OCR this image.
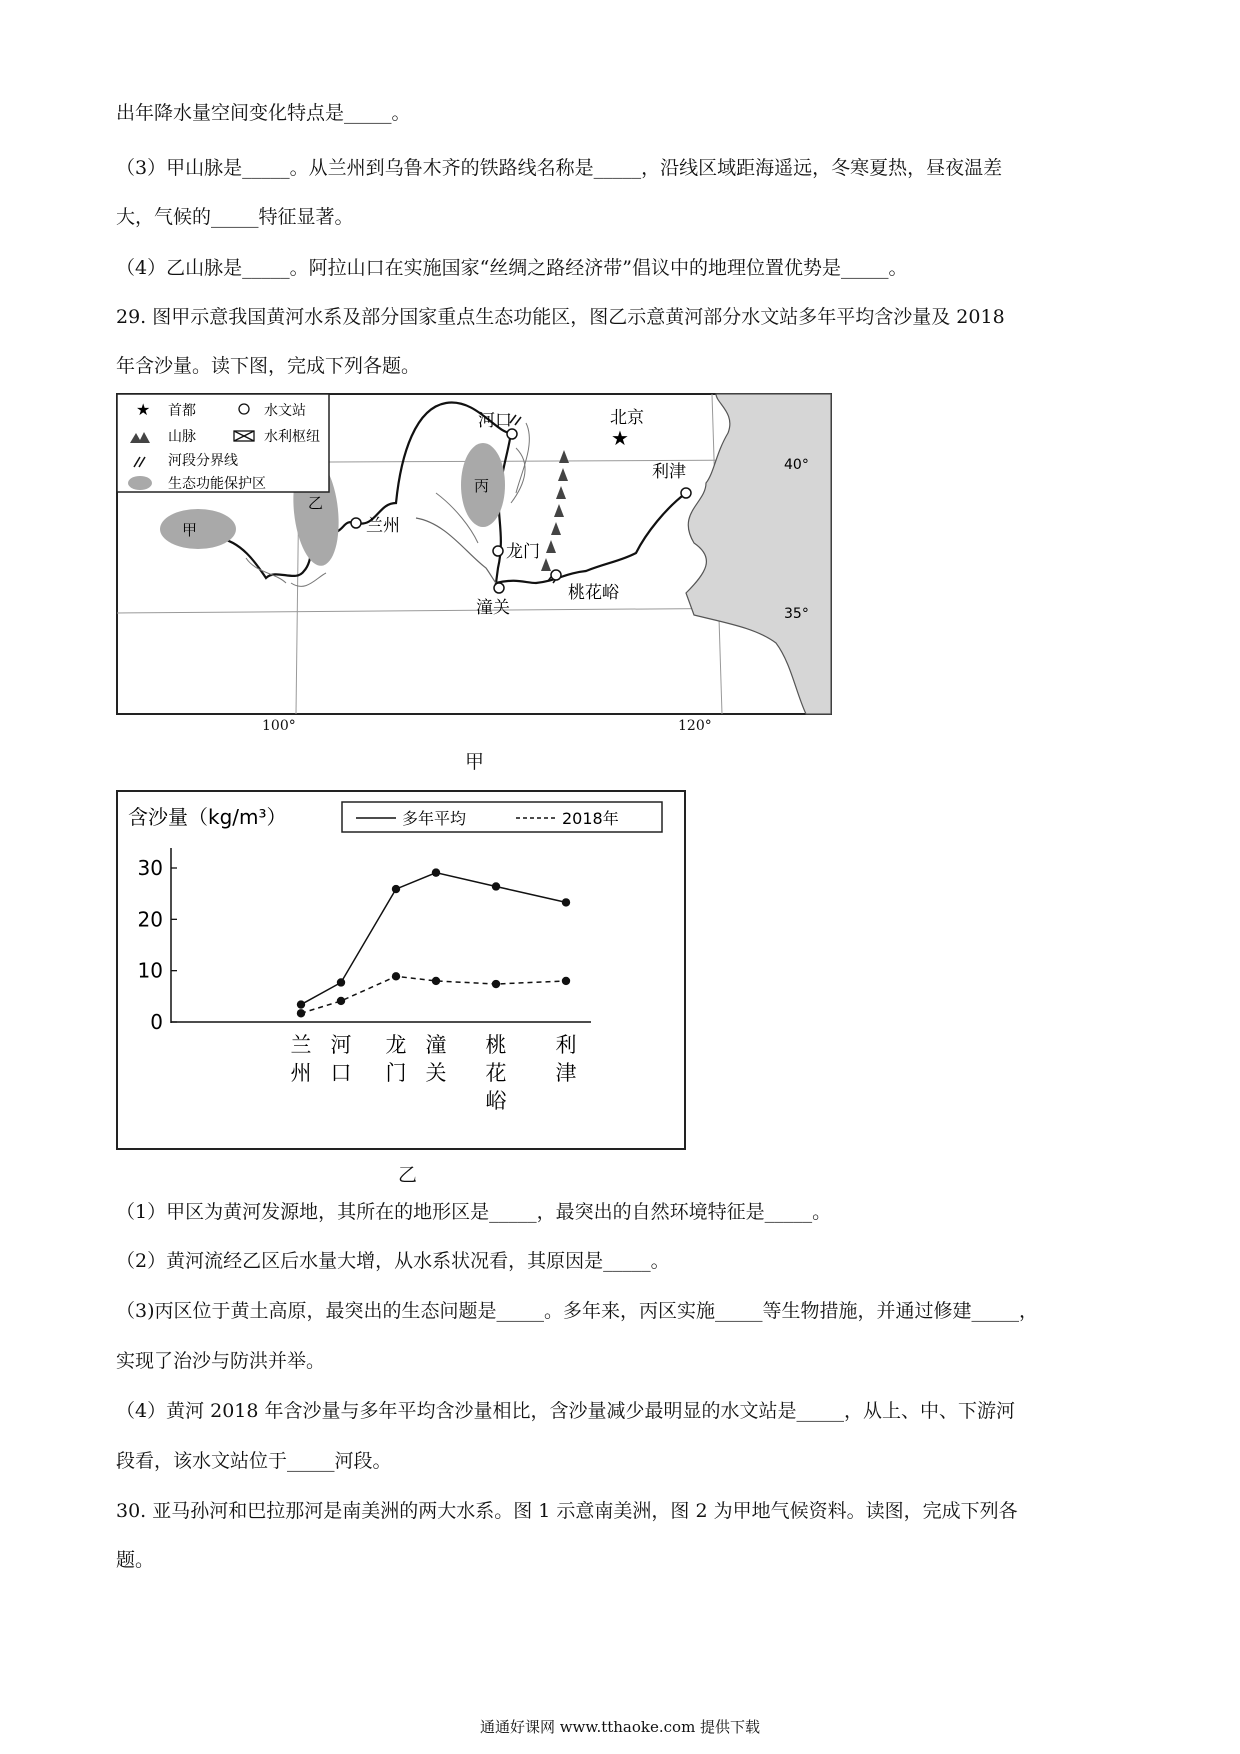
出年降水量空间变化特点是_____。
（3）甲山脉是_____。从兰州到乌鲁木齐的铁路线名称是_____，沿线区域距海遥远，冬寒夏热，昼夜温差
大，气候的_____特征显著。
（4）乙山脉是_____。阿拉山口在实施国家“丝绸之路经济带”倡议中的地理位置优势是_____。
29. 图甲示意我国黄河水系及部分国家重点生态功能区，图乙示意黄河部分水文站多年平均含沙量及 2018
年含沙量。读下图，完成下列各题。
★ 首都	水文站
山脉	水利枢纽
河段分界线
生态功能保护区
★
河口	北京
利津
兰州
龙门
潼关
桃花峪
甲
乙
丙
40°
35°
100°	120°
甲
含沙量（kg/m³）	多年平均	2018年
0
10
20
30
兰
州
河
口
龙
门
潼
关
桃
花
峪
利
津
乙
（1）甲区为黄河发源地，其所在的地形区是_____，最突出的自然环境特征是_____。
（2）黄河流经乙区后水量大增，从水系状况看，其原因是_____。
（3)丙区位于黄土高原，最突出的生态问题是_____。多年来，丙区实施_____等生物措施，并通过修建_____，
实现了治沙与防洪并举。
（4）黄河 2018 年含沙量与多年平均含沙量相比，含沙量减少最明显的水文站是_____，从上、中、下游河
段看，该水文站位于_____河段。
30. 亚马孙河和巴拉那河是南美洲的两大水系。图 1 示意南美洲，图 2 为甲地气候资料。读图，完成下列各
题。
通通好课网 www.tthaoke.com 提供下载
